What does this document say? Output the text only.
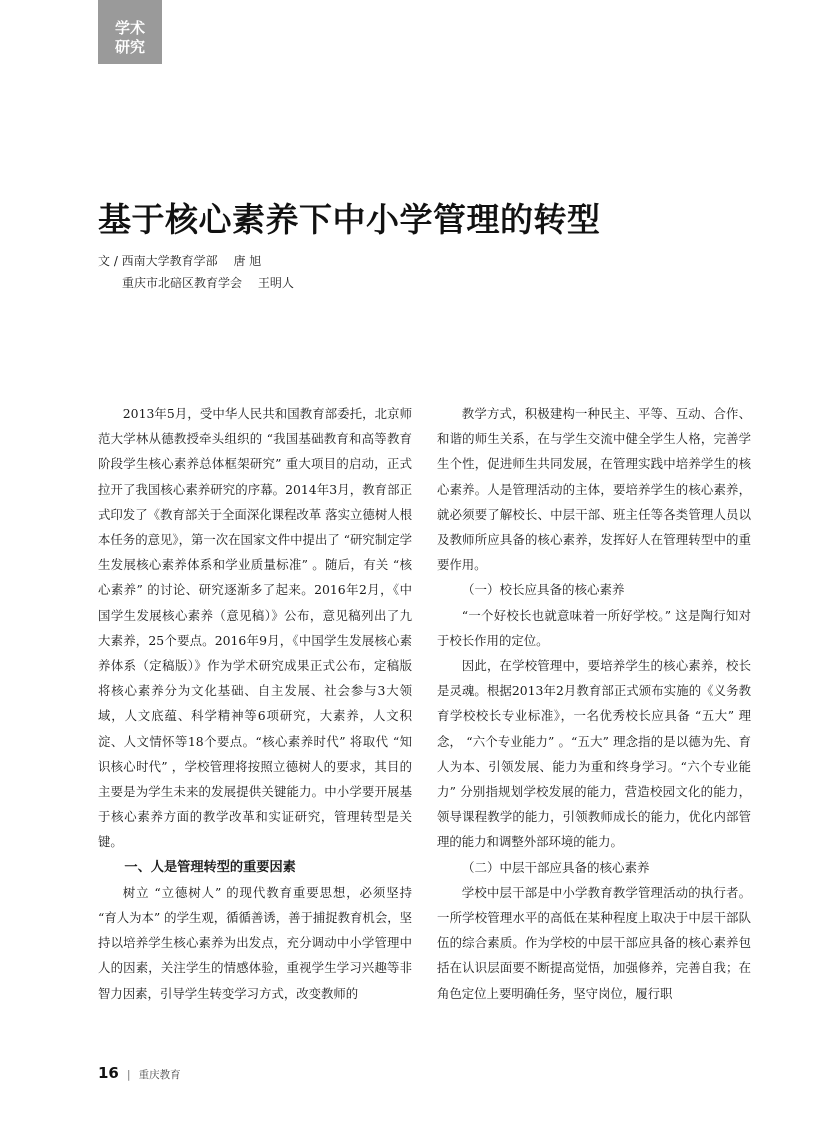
学术
研究
基于核心素养下中小学管理的转型
文 / 西南大学教育学部　 唐 旭
重庆市北碚区教育学会　 王明人

2013年5月，受中华人民共和国教育部委托，北京师范大学林从德教授牵头组织的 “我国基础教育和高等教育阶段学生核心素养总体框架研究” 重大项目的启动，正式拉开了我国核心素养研究的序幕。2014年3月，教育部正式印发了《教育部关于全面深化课程改革 落实立德树人根本任务的意见》，第一次在国家文件中提出了 “研究制定学生发展核心素养体系和学业质量标准” 。随后，有关 “核心素养” 的讨论、研究逐渐多了起来。2016年2月，《中国学生发展核心素养（意见稿）》公布，意见稿列出了九大素养，25个要点。2016年9月，《中国学生发展核心素养体系（定稿版）》作为学术研究成果正式公布，定稿版将核心素养分为文化基础、自主发展、社会参与3大领域，人文底蕴、科学精神等6项研究，大素养，人文积淀、人文情怀等18个要点。“核心素养时代” 将取代 “知识核心时代” ，学校管理将按照立德树人的要求，其目的主要是为学生未来的发展提供关键能力。中小学要开展基于核心素养方面的教学改革和实证研究，管理转型是关键。

一、人是管理转型的重要因素

树立 “立德树人” 的现代教育重要思想，必须坚持 “育人为本” 的学生观，循循善诱，善于捕捉教育机会，坚持以培养学生核心素养为出发点，充分调动中小学管理中人的因素，关注学生的情感体验，重视学生学习兴趣等非智力因素，引导学生转变学习方式，改变教师的

教学方式，积极建构一种民主、平等、互动、合作、和谐的师生关系，在与学生交流中健全学生人格，完善学生个性，促进师生共同发展，在管理实践中培养学生的核心素养。人是管理活动的主体，要培养学生的核心素养，就必须要了解校长、中层干部、班主任等各类管理人员以及教师所应具备的核心素养，发挥好人在管理转型中的重要作用。

（一）校长应具备的核心素养

“一个好校长也就意味着一所好学校。” 这是陶行知对于校长作用的定位。

因此，在学校管理中，要培养学生的核心素养，校长是灵魂。根据2013年2月教育部正式颁布实施的《义务教育学校校长专业标准》，一名优秀校长应具备 “五大” 理念， “六个专业能力” 。“五大” 理念指的是以德为先、育人为本、引领发展、能力为重和终身学习。“六个专业能力” 分别指规划学校发展的能力，营造校园文化的能力，领导课程教学的能力，引领教师成长的能力，优化内部管理的能力和调整外部环境的能力。

（二）中层干部应具备的核心素养

学校中层干部是中小学教育教学管理活动的执行者。一所学校管理水平的高低在某种程度上取决于中层干部队伍的综合素质。作为学校的中层干部应具备的核心素养包括在认识层面要不断提高觉悟，加强修养，完善自我；在角色定位上要明确任务，坚守岗位，履行职

16 | 重庆教育
